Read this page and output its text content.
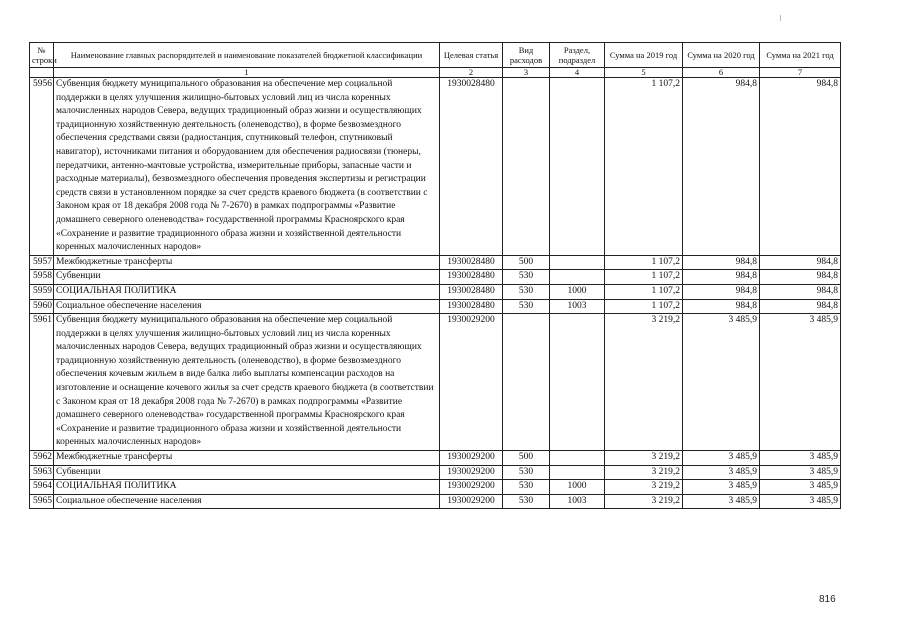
№ строки	Наименование главных распорядителей и наименование показателей бюджетной классификации	Целевая статья	Вид расходов	Раздел, подраздел	Сумма на 2019 год	Сумма на 2020 год	Сумма на 2021 год
	1	2	3	4	5	6	7
5956	Субвенция бюджету муниципального образования на обеспечение мер социальной поддержки в целях улучшения жилищно-бытовых условий лиц из числа коренных малочисленных народов Севера, ведущих традиционный образ жизни и осуществляющих традиционную хозяйственную деятельность (оленеводство), в форме безвозмездного обеспечения средствами связи (радиостанция, спутниковый телефон, спутниковый навигатор), источниками питания и оборудованием для обеспечения радиосвязи (тюнеры, передатчики, антенно-мачтовые устройства, измерительные приборы, запасные части и расходные материалы), безвозмездного обеспечения проведения экспертизы и регистрации средств связи в установленном порядке за счет средств краевого бюджета (в соответствии с Законом края от 18 декабря 2008 года № 7-2670) в рамках подпрограммы «Развитие домашнего северного оленеводства» государственной программы Красноярского края «Сохранение и развитие традиционного образа жизни и хозяйственной деятельности коренных малочисленных народов»	1930028480			1 107,2	984,8	984,8
5957	Межбюджетные трансферты	1930028480	500		1 107,2	984,8	984,8
5958	Субвенции	1930028480	530		1 107,2	984,8	984,8
5959	СОЦИАЛЬНАЯ ПОЛИТИКА	1930028480	530	1000	1 107,2	984,8	984,8
5960	Социальное обеспечение населения	1930028480	530	1003	1 107,2	984,8	984,8
5961	Субвенция бюджету муниципального образования на обеспечение мер социальной поддержки в целях улучшения жилищно-бытовых условий лиц из числа коренных малочисленных народов Севера, ведущих традиционный образ жизни и осуществляющих традиционную хозяйственную деятельность (оленеводство), в форме безвозмездного обеспечения кочевым жильем в виде балка либо выплаты компенсации расходов на изготовление и оснащение кочевого жилья за счет средств краевого бюджета (в соответствии с Законом края от 18 декабря 2008 года № 7-2670) в рамках подпрограммы «Развитие домашнего северного оленеводства» государственной программы Красноярского края «Сохранение и развитие традиционного образа жизни и хозяйственной деятельности коренных малочисленных народов»	1930029200			3 219,2	3 485,9	3 485,9
5962	Межбюджетные трансферты	1930029200	500		3 219,2	3 485,9	3 485,9
5963	Субвенции	1930029200	530		3 219,2	3 485,9	3 485,9
5964	СОЦИАЛЬНАЯ ПОЛИТИКА	1930029200	530	1000	3 219,2	3 485,9	3 485,9
5965	Социальное обеспечение населения	1930029200	530	1003	3 219,2	3 485,9	3 485,9
816
